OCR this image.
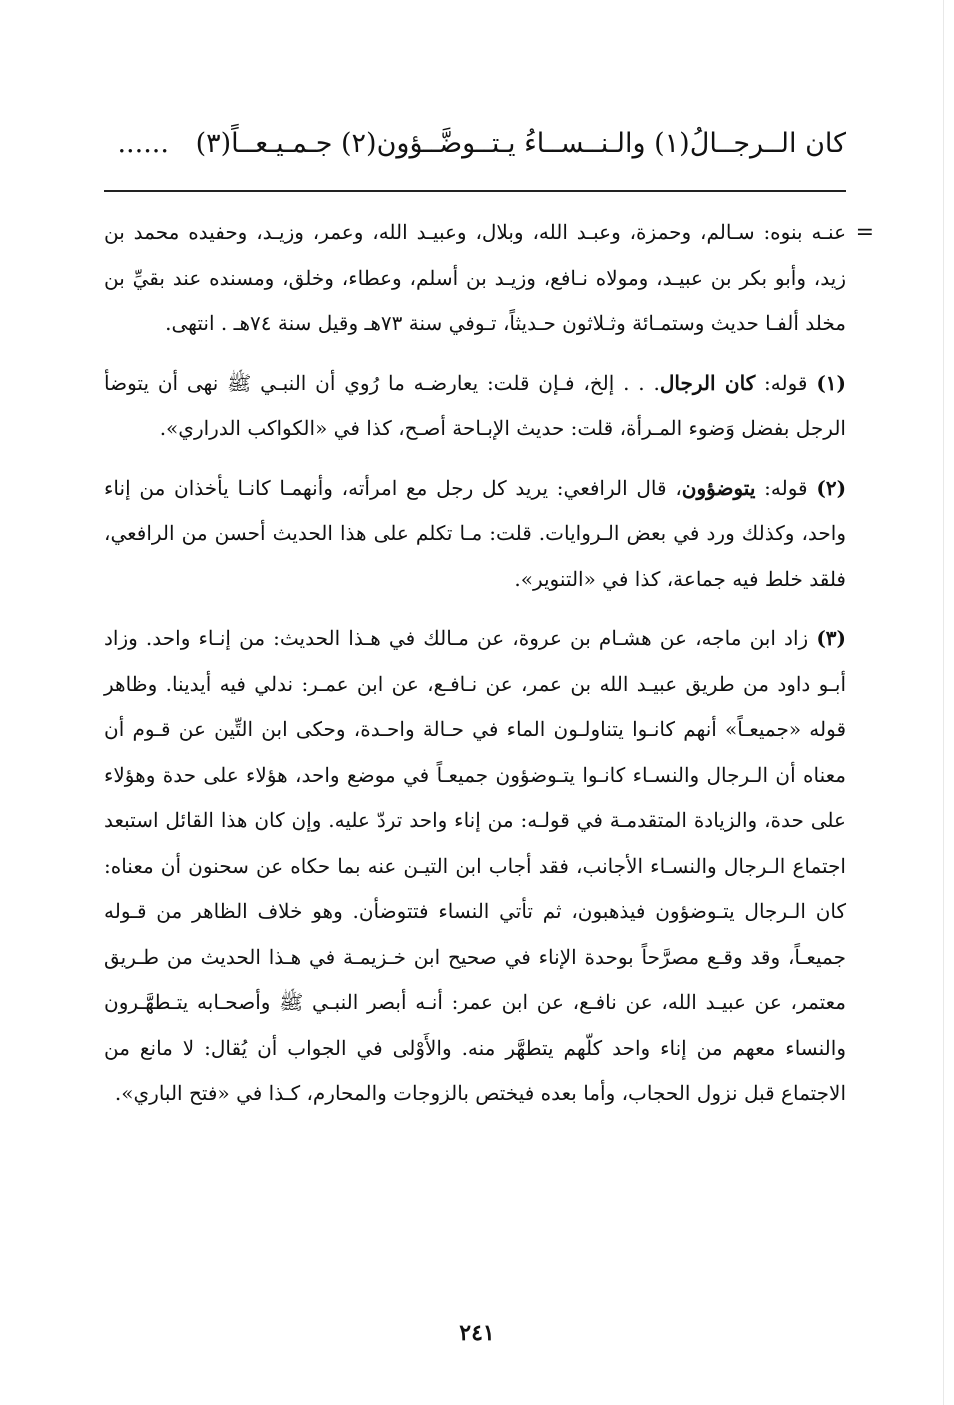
كان الــرجــالُ(١) والـنــســاءُ يـتــوضَّــؤون(٢) جـمـيـعــاً(٣) ......

=
عنـه بنوه: سـالم، وحمزة، وعبـد الله، وبلال، وعبيـد الله، وعمر، وزيـد، وحفيده محمد بن زيد، وأبو بكر بن عبيـد، ومولاه نـافع، وزيـد بن أسلم، وعطاء، وخلق، ومسنده عند بقيِّ بن مخلد ألفـا حديث وستمـائة وثـلاثون حـديثاً، تـوفي سنة ٧٣هـ وقيل سنة ٧٤هـ . انتهى.

(١) قوله: كان الرجال. . . إلخ، فـإن قلت: يعارضـه ما رُوي أن النبـي ﷺ نهى أن يتوضأ الرجل بفضل وَضوء المـرأة، قلت: حديث الإبـاحة أصـح، كذا في «الكواكب الدراري».

(٢) قوله: يتوضؤون، قال الرافعي: يريد كل رجل مع امرأته، وأنهمـا كانـا يأخذان من إناء واحد، وكذلك ورد في بعض الـروايات. قلت: مـا تكلم على هذا الحديث أحسن من الرافعي، فلقد خلط فيه جماعة، كذا في «التنوير».

(٣) زاد ابن ماجه، عن هشـام بن عروة، عن مـالك في هـذا الحديث: من إنـاء واحد. وزاد أبـو داود من طريق عبيـد الله بن عمر، عن نـافـع، عن ابن عمـر: ندلي فيه أيدينا. وظاهر قوله «جميعـاً» أنهم كانـوا يتناولـون الماء في حـالة واحـدة، وحكى ابن التِّين عن قـوم أن معناه أن الـرجال والنسـاء كانـوا يتـوضؤون جميعـاً في موضع واحد، هؤلاء على حدة وهؤلاء على حدة، والزيادة المتقدمـة في قولـه: من إناء واحد تردّ عليه. وإن كان هذا القائل استبعد اجتماع الـرجال والنسـاء الأجانب، فقد أجاب ابن التيـن عنه بما حكاه عن سحنون أن معناه: كان الـرجال يتـوضؤون فيذهبون، ثم تأتي النساء فتتوضأن. وهو خلاف الظاهر من قـوله جميعـاً، وقد وقـع مصرَّحاً بوحدة الإناء في صحيح ابن خـزيمـة في هـذا الحديث من طـريق معتمر، عن عبيـد الله، عن نافـع، عن ابن عمر: أنـه أبصر النبـي ﷺ وأصحـابه يتـطهَّـرون والنساء معهم من إناء واحد كلّهم يتطهَّر منه. والأَوْلى في الجواب أن يُقال: لا مانع من الاجتماع قبل نزول الحجاب، وأما بعده فيختص بالزوجات والمحارم، كـذا في «فتح الباري».

٢٤١
